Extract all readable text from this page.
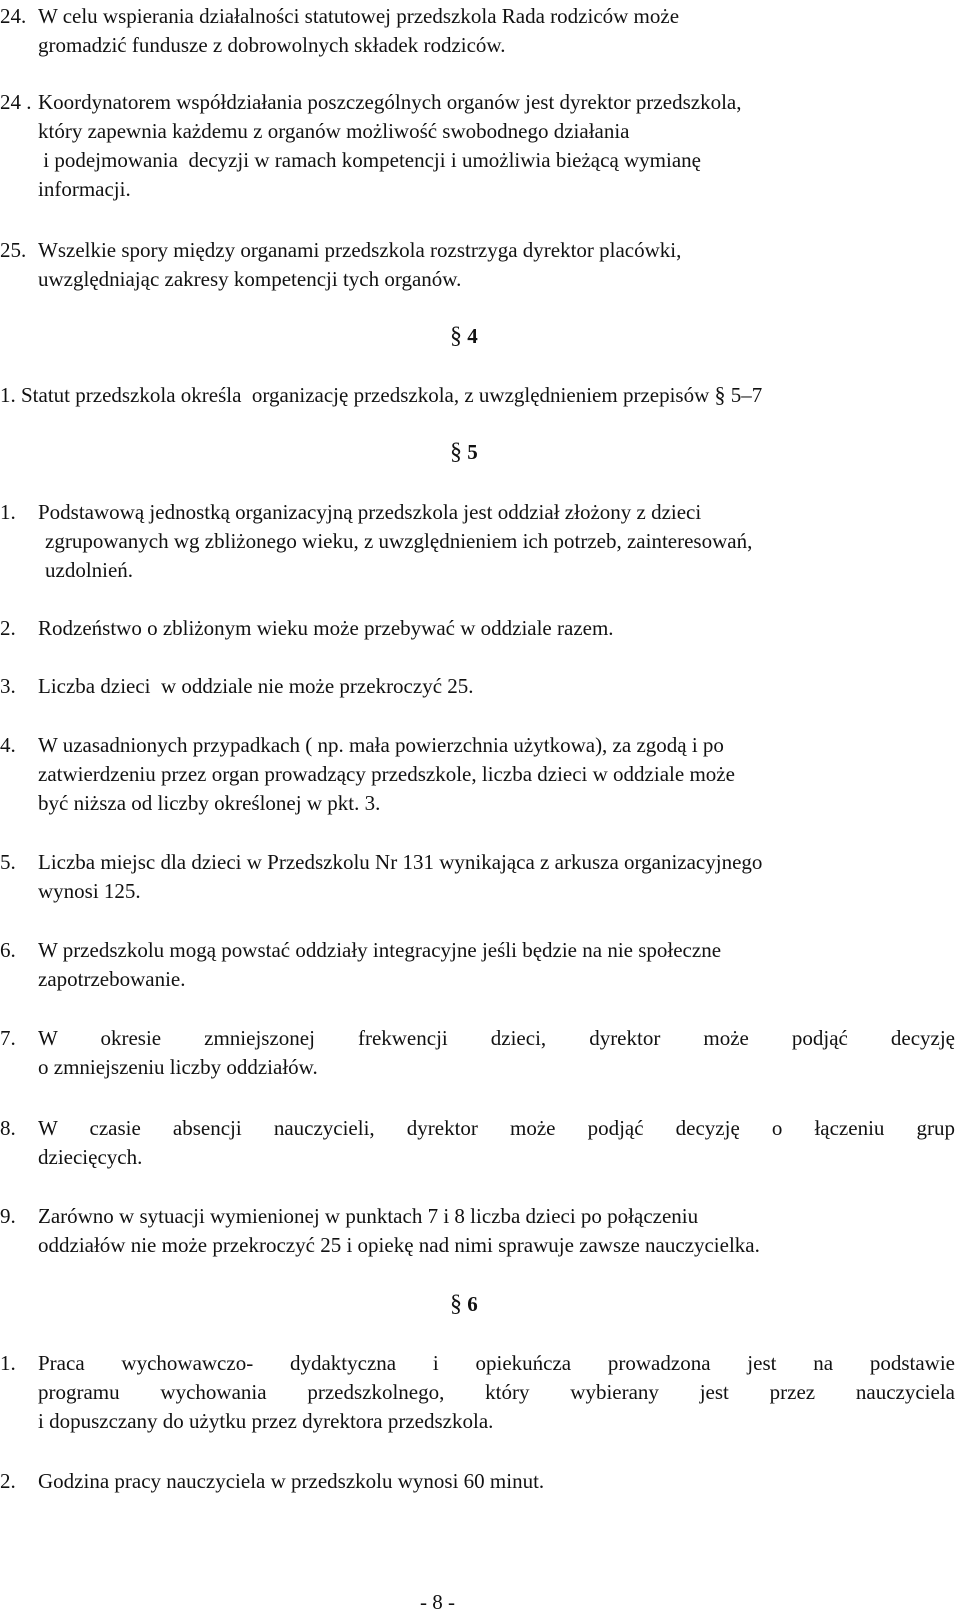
24. W celu wspierania działalności statutowej przedszkola Rada rodziców może
gromadzić fundusze z dobrowolnych składek rodziców.
24 . Koordynatorem współdziałania poszczególnych organów jest dyrektor przedszkola,
który zapewnia każdemu z organów możliwość swobodnego działania
i podejmowania  decyzji w ramach kompetencji i umożliwia bieżącą wymianę
informacji.
25. Wszelkie spory między organami przedszkola rozstrzyga dyrektor placówki,
uwzględniając zakresy kompetencji tych organów.
§ 4
1. Statut przedszkola określa  organizację przedszkola, z uwzględnieniem przepisów § 5–7
§ 5
1.	Podstawową jednostką organizacyjną przedszkola jest oddział złożony z dzieci
zgrupowanych wg zbliżonego wieku, z uwzględnieniem ich potrzeb, zainteresowań,
uzdolnień.
2.	Rodzeństwo o zbliżonym wieku może przebywać w oddziale razem.
3.	Liczba dzieci  w oddziale nie może przekroczyć 25.
4.	W uzasadnionych przypadkach ( np. mała powierzchnia użytkowa), za zgodą i po
zatwierdzeniu przez organ prowadzący przedszkole, liczba dzieci w oddziale może
być niższa od liczby określonej w pkt. 3.
5.	Liczba miejsc dla dzieci w Przedszkolu Nr 131 wynikająca z arkusza organizacyjnego
wynosi 125.
6.	W przedszkolu mogą powstać oddziały integracyjne jeśli będzie na nie społeczne
zapotrzebowanie.
7.	W okresie zmniejszonej frekwencji dzieci, dyrektor może podjąć decyzję
o zmniejszeniu liczby oddziałów.
8.	W czasie absencji nauczycieli, dyrektor może podjąć decyzję o łączeniu grup
dziecięcych.
9.	Zarówno w sytuacji wymienionej w punktach 7 i 8 liczba dzieci po połączeniu
oddziałów nie może przekroczyć 25 i opiekę nad nimi sprawuje zawsze nauczycielka.
§ 6
1.	Praca wychowawczo- dydaktyczna i opiekuńcza prowadzona jest na podstawie
programu wychowania przedszkolnego, który wybierany jest przez nauczyciela
i dopuszczany do użytku przez dyrektora przedszkola.
2.	Godzina pracy nauczyciela w przedszkolu wynosi 60 minut.
- 8 -
